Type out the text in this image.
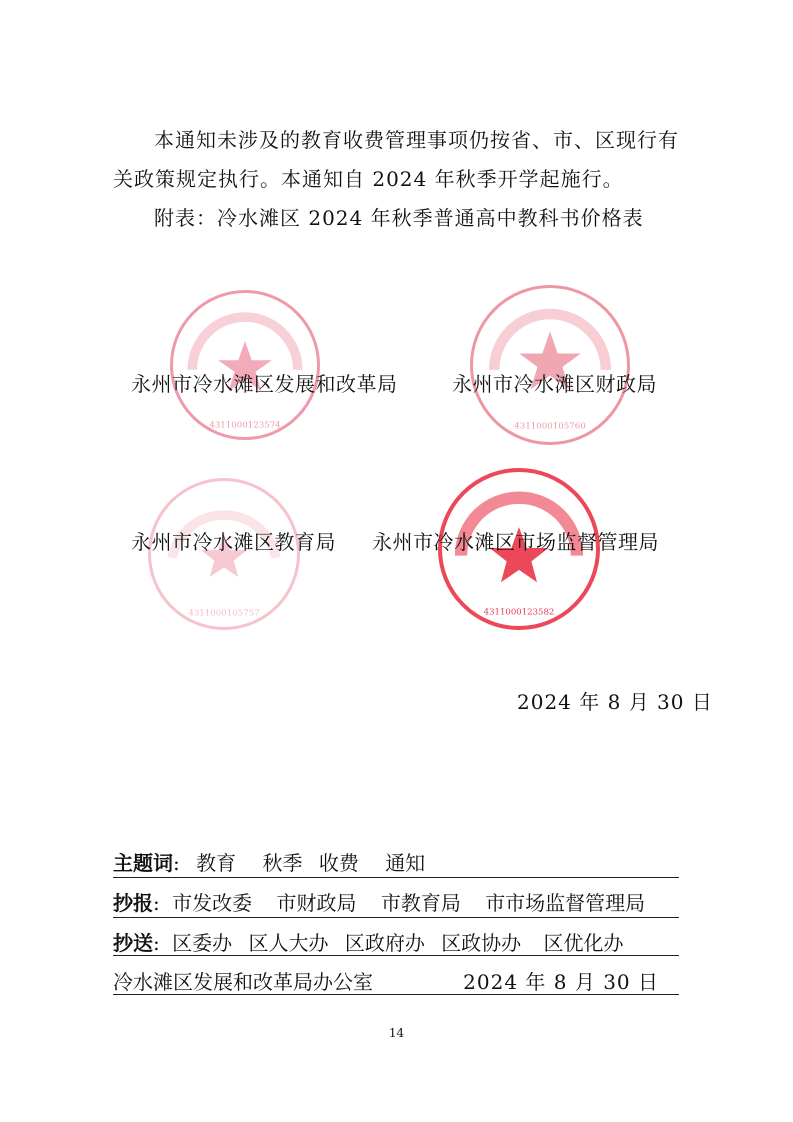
本通知未涉及的教育收费管理事项仍按省、市、区现行有关政策规定执行。本通知自 2024 年秋季开学起施行。
附表：冷水滩区 2024 年秋季普通高中教科书价格表
4311000123574	4311000105760
4311000105757	4311000123582
永州市冷水滩区发展和改革局	永州市冷水滩区财政局
永州市冷水滩区教育局 永州市冷水滩区市场监督管理局
2024 年 8 月 30 日
主题词: 教育 秋季 收费 通知
抄报: 市发改委 市财政局 市教育局 市市场监督管理局
抄送: 区委办 区人大办 区政府办 区政协办 区优化办
冷水滩区发展和改革局办公室	2024 年 8 月 30 日
14
